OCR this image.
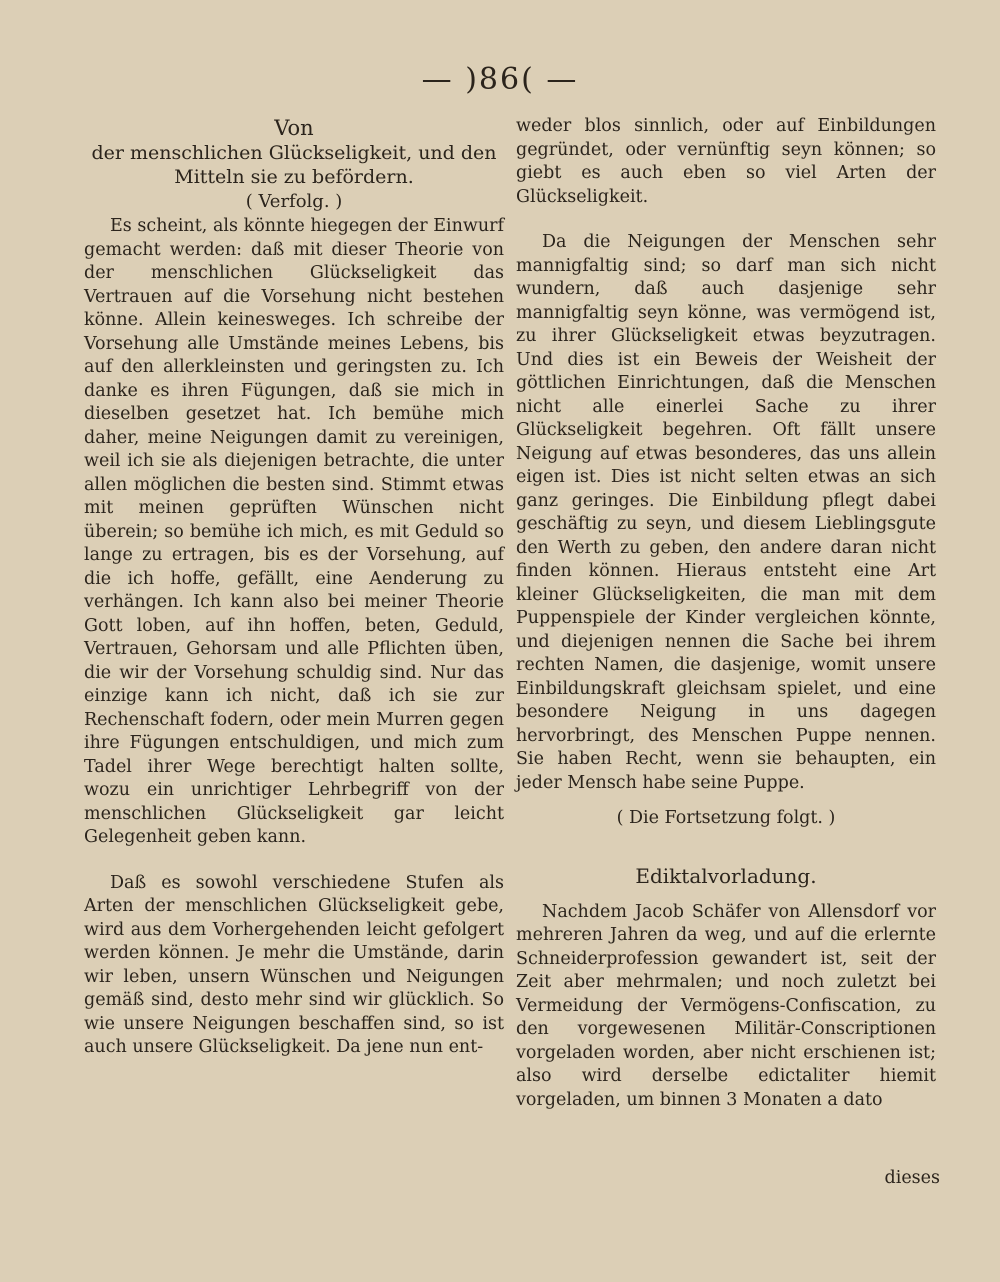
— )86( —

Von

der menschlichen Glückseligkeit, und den Mitteln sie zu befördern.

( Verfolg. )

Es scheint, als könnte hiegegen der Einwurf gemacht werden: daß mit dieser Theorie von der menschlichen Glückseligkeit das Vertrauen auf die Vorsehung nicht bestehen könne. Allein keinesweges. Ich schreibe der Vorsehung alle Umstände meines Lebens, bis auf den allerkleinsten und geringsten zu. Ich danke es ihren Fügungen, daß sie mich in dieselben gesetzet hat. Ich bemühe mich daher, meine Neigungen damit zu vereinigen, weil ich sie als diejenigen betrachte, die unter allen möglichen die besten sind. Stimmt etwas mit meinen geprüften Wünschen nicht überein; so bemühe ich mich, es mit Geduld so lange zu ertragen, bis es der Vorsehung, auf die ich hoffe, gefällt, eine Aenderung zu verhängen. Ich kann also bei meiner Theorie Gott loben, auf ihn hoffen, beten, Geduld, Vertrauen, Gehorsam und alle Pflichten üben, die wir der Vorsehung schuldig sind. Nur das einzige kann ich nicht, daß ich sie zur Rechenschaft fodern, oder mein Murren gegen ihre Fügungen entschuldigen, und mich zum Tadel ihrer Wege berechtigt halten sollte, wozu ein unrichtiger Lehrbegriff von der menschlichen Glückseligkeit gar leicht Gelegenheit geben kann.

Daß es sowohl verschiedene Stufen als Arten der menschlichen Glückseligkeit gebe, wird aus dem Vorhergehenden leicht gefolgert werden können. Je mehr die Umstände, darin wir leben, unsern Wünschen und Neigungen gemäß sind, desto mehr sind wir glücklich. So wie unsere Neigungen beschaffen sind, so ist auch unsere Glückseligkeit. Da jene nun ent-

weder blos sinnlich, oder auf Einbildungen gegründet, oder vernünftig seyn können; so giebt es auch eben so viel Arten der Glückseligkeit.

Da die Neigungen der Menschen sehr mannigfaltig sind; so darf man sich nicht wundern, daß auch dasjenige sehr mannigfaltig seyn könne, was vermögend ist, zu ihrer Glückseligkeit etwas beyzutragen. Und dies ist ein Beweis der Weisheit der göttlichen Einrichtungen, daß die Menschen nicht alle einerlei Sache zu ihrer Glückseligkeit begehren. Oft fällt unsere Neigung auf etwas besonderes, das uns allein eigen ist. Dies ist nicht selten etwas an sich ganz geringes. Die Einbildung pflegt dabei geschäftig zu seyn, und diesem Lieblingsgute den Werth zu geben, den andere daran nicht finden können. Hieraus entsteht eine Art kleiner Glückseligkeiten, die man mit dem Puppenspiele der Kinder vergleichen könnte, und diejenigen nennen die Sache bei ihrem rechten Namen, die dasjenige, womit unsere Einbildungskraft gleichsam spielet, und eine besondere Neigung in uns dagegen hervorbringt, des Menschen Puppe nennen. Sie haben Recht, wenn sie behaupten, ein jeder Mensch habe seine Puppe.

( Die Fortsetzung folgt. )

Ediktalvorladung.

Nachdem Jacob Schäfer von Allensdorf vor mehreren Jahren da weg, und auf die erlernte Schneiderprofession gewandert ist, seit der Zeit aber mehrmalen; und noch zuletzt bei Vermeidung der Vermögens-Confiscation, zu den vorgewesenen Militär-Conscriptionen vorgeladen worden, aber nicht erschienen ist; also wird derselbe edictaliter hiemit vorgeladen, um binnen 3 Monaten a dato

dieses
